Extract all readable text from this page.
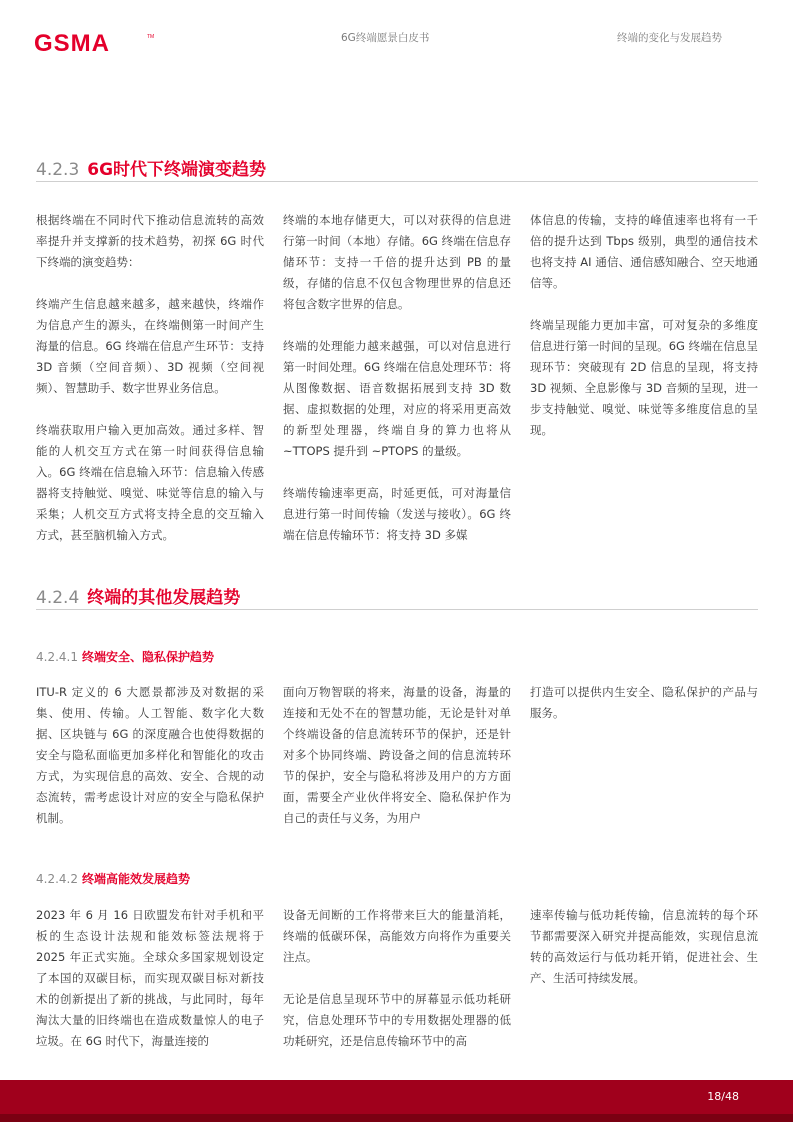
GSMA	TM	6G终端愿景白皮书	终端的变化与发展趋势
4.2.3 6G时代下终端演变趋势

根据终端在不同时代下推动信息流转的高效率提升并支撑新的技术趋势，初探 6G 时代下终端的演变趋势：

终端产生信息越来越多，越来越快，终端作为信息产生的源头，在终端侧第一时间产生海量的信息。6G 终端在信息产生环节：支持 3D 音频（空间音频）、3D 视频（空间视频）、智慧助手、数字世界业务信息。

终端获取用户输入更加高效。通过多样、智能的人机交互方式在第一时间获得信息输入。6G 终端在信息输入环节：信息输入传感器将支持触觉、嗅觉、味觉等信息的输入与采集；人机交互方式将支持全息的交互输入方式，甚至脑机输入方式。

终端的本地存储更大，可以对获得的信息进行第一时间（本地）存储。6G 终端在信息存储环节：支持一千倍的提升达到 PB 的量级，存储的信息不仅包含物理世界的信息还将包含数字世界的信息。

终端的处理能力越来越强，可以对信息进行第一时间处理。6G 终端在信息处理环节：将从图像数据、语音数据拓展到支持 3D 数据、虚拟数据的处理，对应的将采用更高效的新型处理器，终端自身的算力也将从 ~TTOPS 提升到 ~PTOPS 的量级。

终端传输速率更高，时延更低，可对海量信息进行第一时间传输（发送与接收）。6G 终端在信息传输环节：将支持 3D 多媒

体信息的传输，支持的峰值速率也将有一千倍的提升达到 Tbps 级别，典型的通信技术也将支持 AI 通信、通信感知融合、空天地通信等。

终端呈现能力更加丰富，可对复杂的多维度信息进行第一时间的呈现。6G 终端在信息呈现环节：突破现有 2D 信息的呈现，将支持 3D 视频、全息影像与 3D 音频的呈现，进一步支持触觉、嗅觉、味觉等多维度信息的呈现。

4.2.4 终端的其他发展趋势
4.2.4.1 终端安全、隐私保护趋势

ITU-R 定义的 6 大愿景都涉及对数据的采集、使用、传输。人工智能、数字化大数据、区块链与 6G 的深度融合也使得数据的安全与隐私面临更加多样化和智能化的攻击方式，为实现信息的高效、安全、合规的动态流转，需考虑设计对应的安全与隐私保护机制。

面向万物智联的将来，海量的设备，海量的连接和无处不在的智慧功能，无论是针对单个终端设备的信息流转环节的保护，还是针对多个协同终端、跨设备之间的信息流转环节的保护，安全与隐私将涉及用户的方方面面，需要全产业伙伴将安全、隐私保护作为自己的责任与义务，为用户

打造可以提供内生安全、隐私保护的产品与服务。

4.2.4.2 终端高能效发展趋势

2023 年 6 月 16 日欧盟发布针对手机和平板的生态设计法规和能效标签法规将于 2025 年正式实施。全球众多国家规划设定了本国的双碳目标，而实现双碳目标对新技术的创新提出了新的挑战，与此同时，每年淘汰大量的旧终端也在造成数量惊人的电子垃圾。在 6G 时代下，海量连接的

设备无间断的工作将带来巨大的能量消耗，终端的低碳环保，高能效方向将作为重要关注点。

无论是信息呈现环节中的屏幕显示低功耗研究，信息处理环节中的专用数据处理器的低功耗研究，还是信息传输环节中的高

速率传输与低功耗传输，信息流转的每个环节都需要深入研究并提高能效，实现信息流转的高效运行与低功耗开销，促进社会、生产、生活可持续发展。

18/48
